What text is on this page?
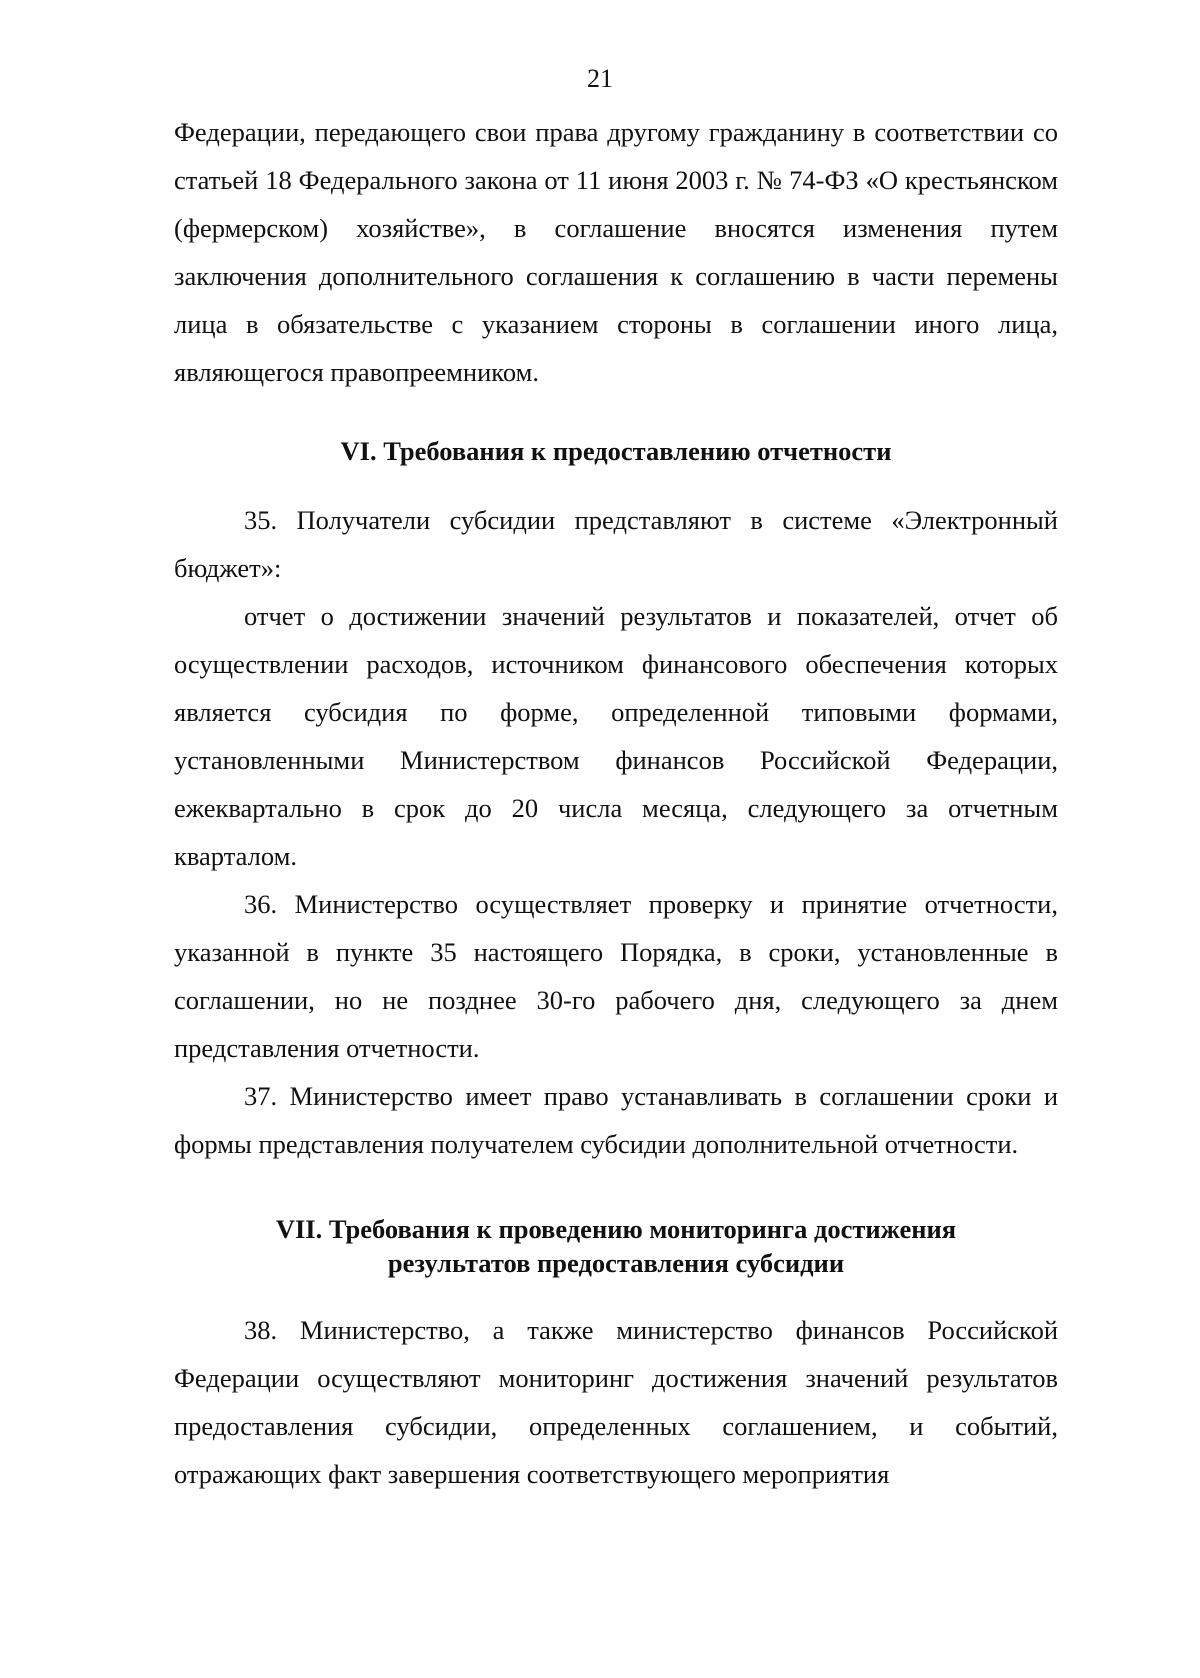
21

Федерации, передающего свои права другому гражданину в соответствии со статьей 18 Федерального закона от 11 июня 2003 г. № 74-ФЗ «О крестьянском (фермерском) хозяйстве», в соглашение вносятся изменения путем заключения дополнительного соглашения к соглашению в части перемены лица в обязательстве с указанием стороны в соглашении иного лица, являющегося правопреемником.

VI. Требования к предоставлению отчетности

35. Получатели субсидии представляют в системе «Электронный бюджет»:

отчет о достижении значений результатов и показателей, отчет об осуществлении расходов, источником финансового обеспечения которых является субсидия по форме, определенной типовыми формами, установленными Министерством финансов Российской Федерации, ежеквартально в срок до 20 числа месяца, следующего за отчетным кварталом.

36. Министерство осуществляет проверку и принятие отчетности, указанной в пункте 35 настоящего Порядка, в сроки, установленные в соглашении, но не позднее 30-го рабочего дня, следующего за днем представления отчетности.

37. Министерство имеет право устанавливать в соглашении сроки и формы представления получателем субсидии дополнительной отчетности.

VII. Требования к проведению мониторинга достижения

результатов предоставления субсидии

38. Министерство, а также министерство финансов Российской Федерации осуществляют мониторинг достижения значений результатов предоставления субсидии, определенных соглашением, и событий, отражающих факт завершения соответствующего мероприятия
